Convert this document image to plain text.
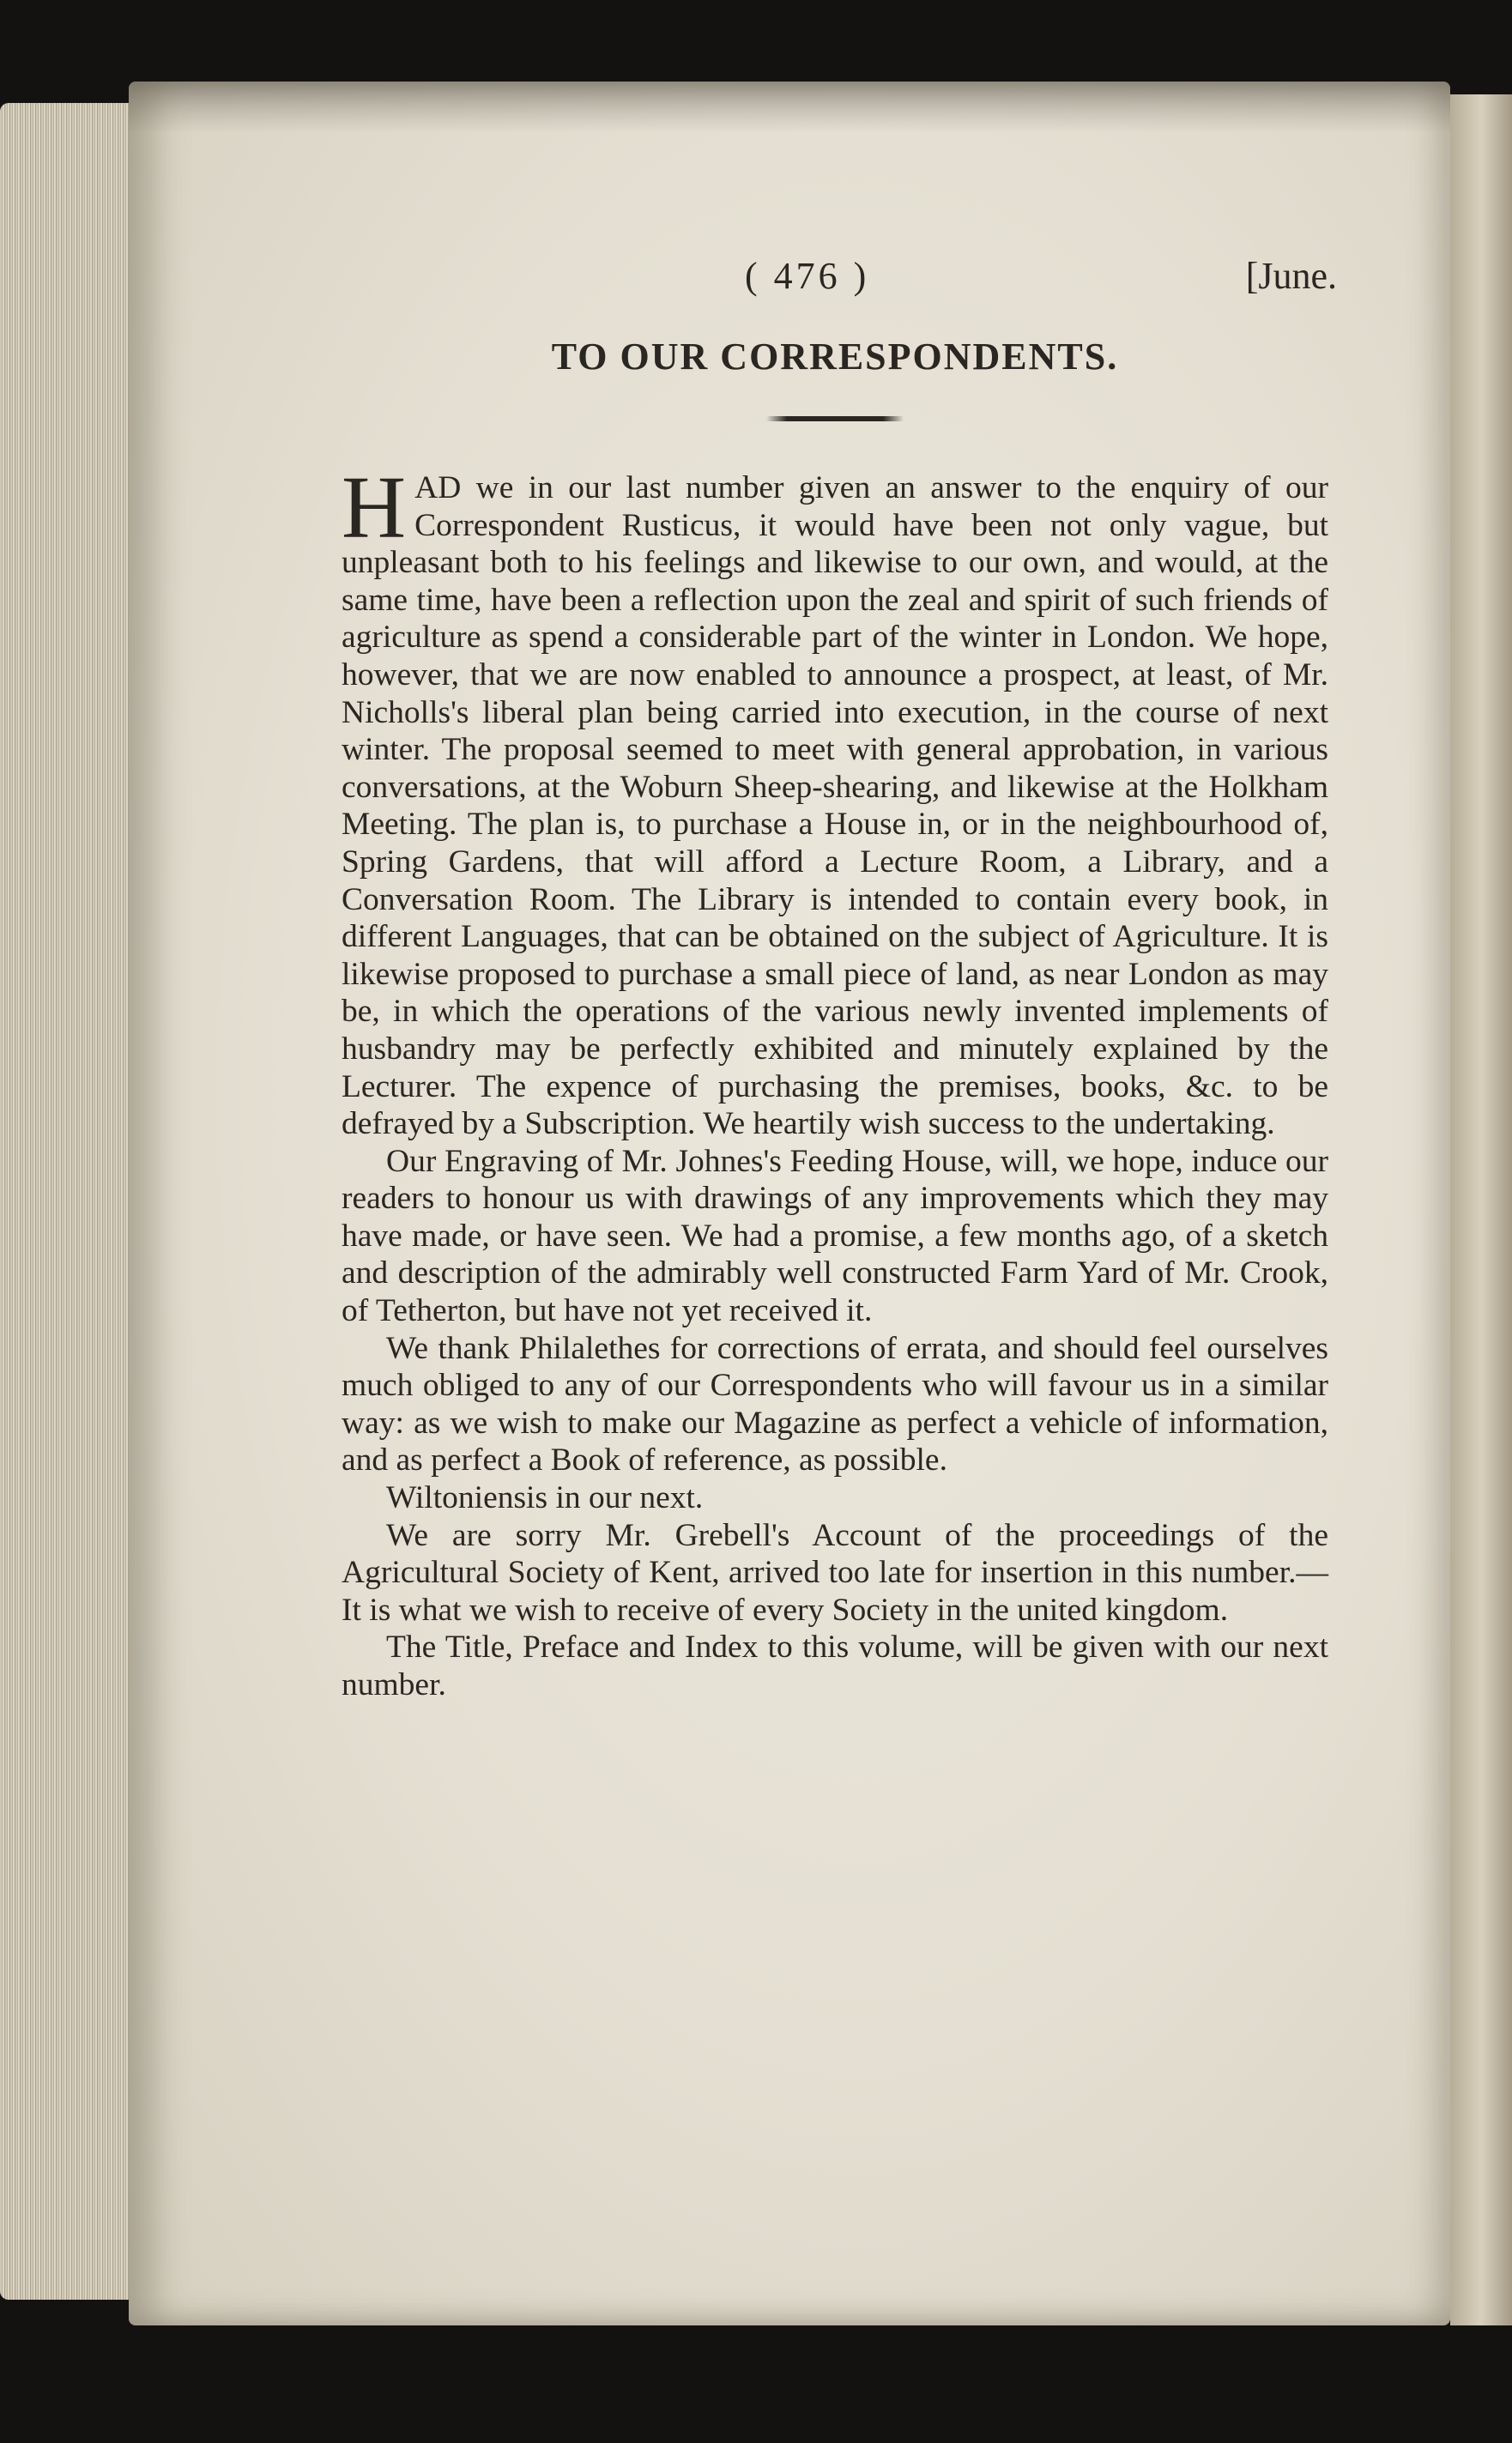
( 476 )	[June.
TO OUR CORRESPONDENTS.

HAD we in our last number given an answer to the enquiry of our Correspondent Rusticus, it would have been not only vague, but unpleasant both to his feelings and likewise to our own, and would, at the same time, have been a reflection upon the zeal and spirit of such friends of agriculture as spend a considerable part of the winter in London. We hope, however, that we are now enabled to announce a prospect, at least, of Mr. Nicholls's liberal plan being carried into execution, in the course of next winter. The proposal seemed to meet with general approbation, in various conversations, at the Woburn Sheep-shearing, and likewise at the Holkham Meeting. The plan is, to purchase a House in, or in the neighbourhood of, Spring Gardens, that will afford a Lecture Room, a Library, and a Conversation Room. The Library is intended to contain every book, in different Languages, that can be obtained on the subject of Agriculture. It is likewise proposed to purchase a small piece of land, as near London as may be, in which the operations of the various newly invented implements of husbandry may be perfectly exhibited and minutely explained by the Lecturer. The expence of purchasing the premises, books, &c. to be defrayed by a Subscription. We heartily wish success to the undertaking.

Our Engraving of Mr. Johnes's Feeding House, will, we hope, induce our readers to honour us with drawings of any improvements which they may have made, or have seen. We had a promise, a few months ago, of a sketch and description of the admirably well constructed Farm Yard of Mr. Crook, of Tetherton, but have not yet received it.

We thank Philalethes for corrections of errata, and should feel ourselves much obliged to any of our Correspondents who will favour us in a similar way: as we wish to make our Magazine as perfect a vehicle of information, and as perfect a Book of reference, as possible.

Wiltoniensis in our next.

We are sorry Mr. Grebell's Account of the proceedings of the Agricultural Society of Kent, arrived too late for insertion in this number.—It is what we wish to receive of every Society in the united kingdom.

The Title, Preface and Index to this volume, will be given with our next number.
